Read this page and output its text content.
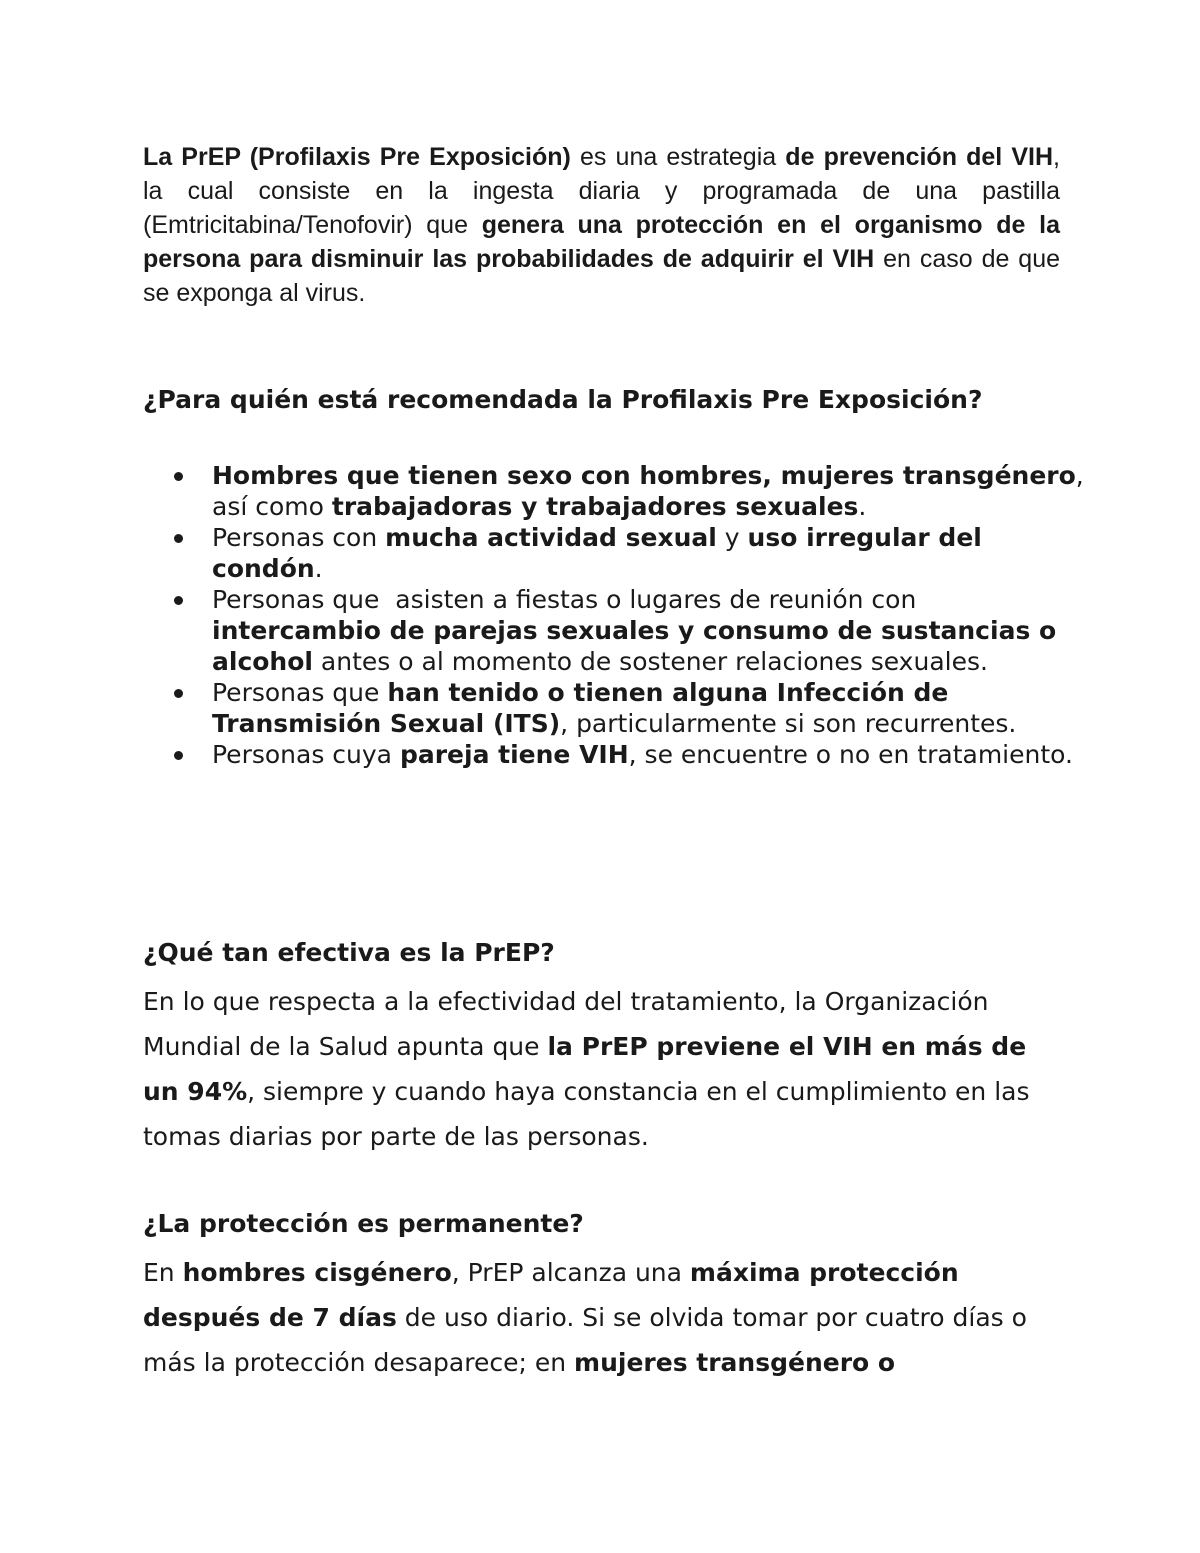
La PrEP (Profilaxis Pre Exposición) es una estrategia de prevención del VIH, la cual consiste en la ingesta diaria y programada de una pastilla (Emtricitabina/Tenofovir) que genera una protección en el organismo de la persona para disminuir las probabilidades de adquirir el VIH en caso de que se exponga al virus.

¿Para quién está recomendada la Profilaxis Pre Exposición?
Hombres que tienen sexo con hombres, mujeres transgénero, así como trabajadoras y trabajadores sexuales.
Personas con mucha actividad sexual y uso irregular del condón.
Personas que  asisten a fiestas o lugares de reunión con intercambio de parejas sexuales y consumo de sustancias o alcohol antes o al momento de sostener relaciones sexuales.
Personas que han tenido o tienen alguna Infección de Transmisión Sexual (ITS), particularmente si son recurrentes.
Personas cuya pareja tiene VIH, se encuentre o no en tratamiento.
¿Qué tan efectiva es la PrEP?

En lo que respecta a la efectividad del tratamiento, la Organización Mundial de la Salud apunta que la PrEP previene el VIH en más de un 94%, siempre y cuando haya constancia en el cumplimiento en las tomas diarias por parte de las personas.

¿La protección es permanente?

En hombres cisgénero, PrEP alcanza una máxima protección después de 7 días de uso diario. Si se olvida tomar por cuatro días o más la protección desaparece; en mujeres transgénero o
